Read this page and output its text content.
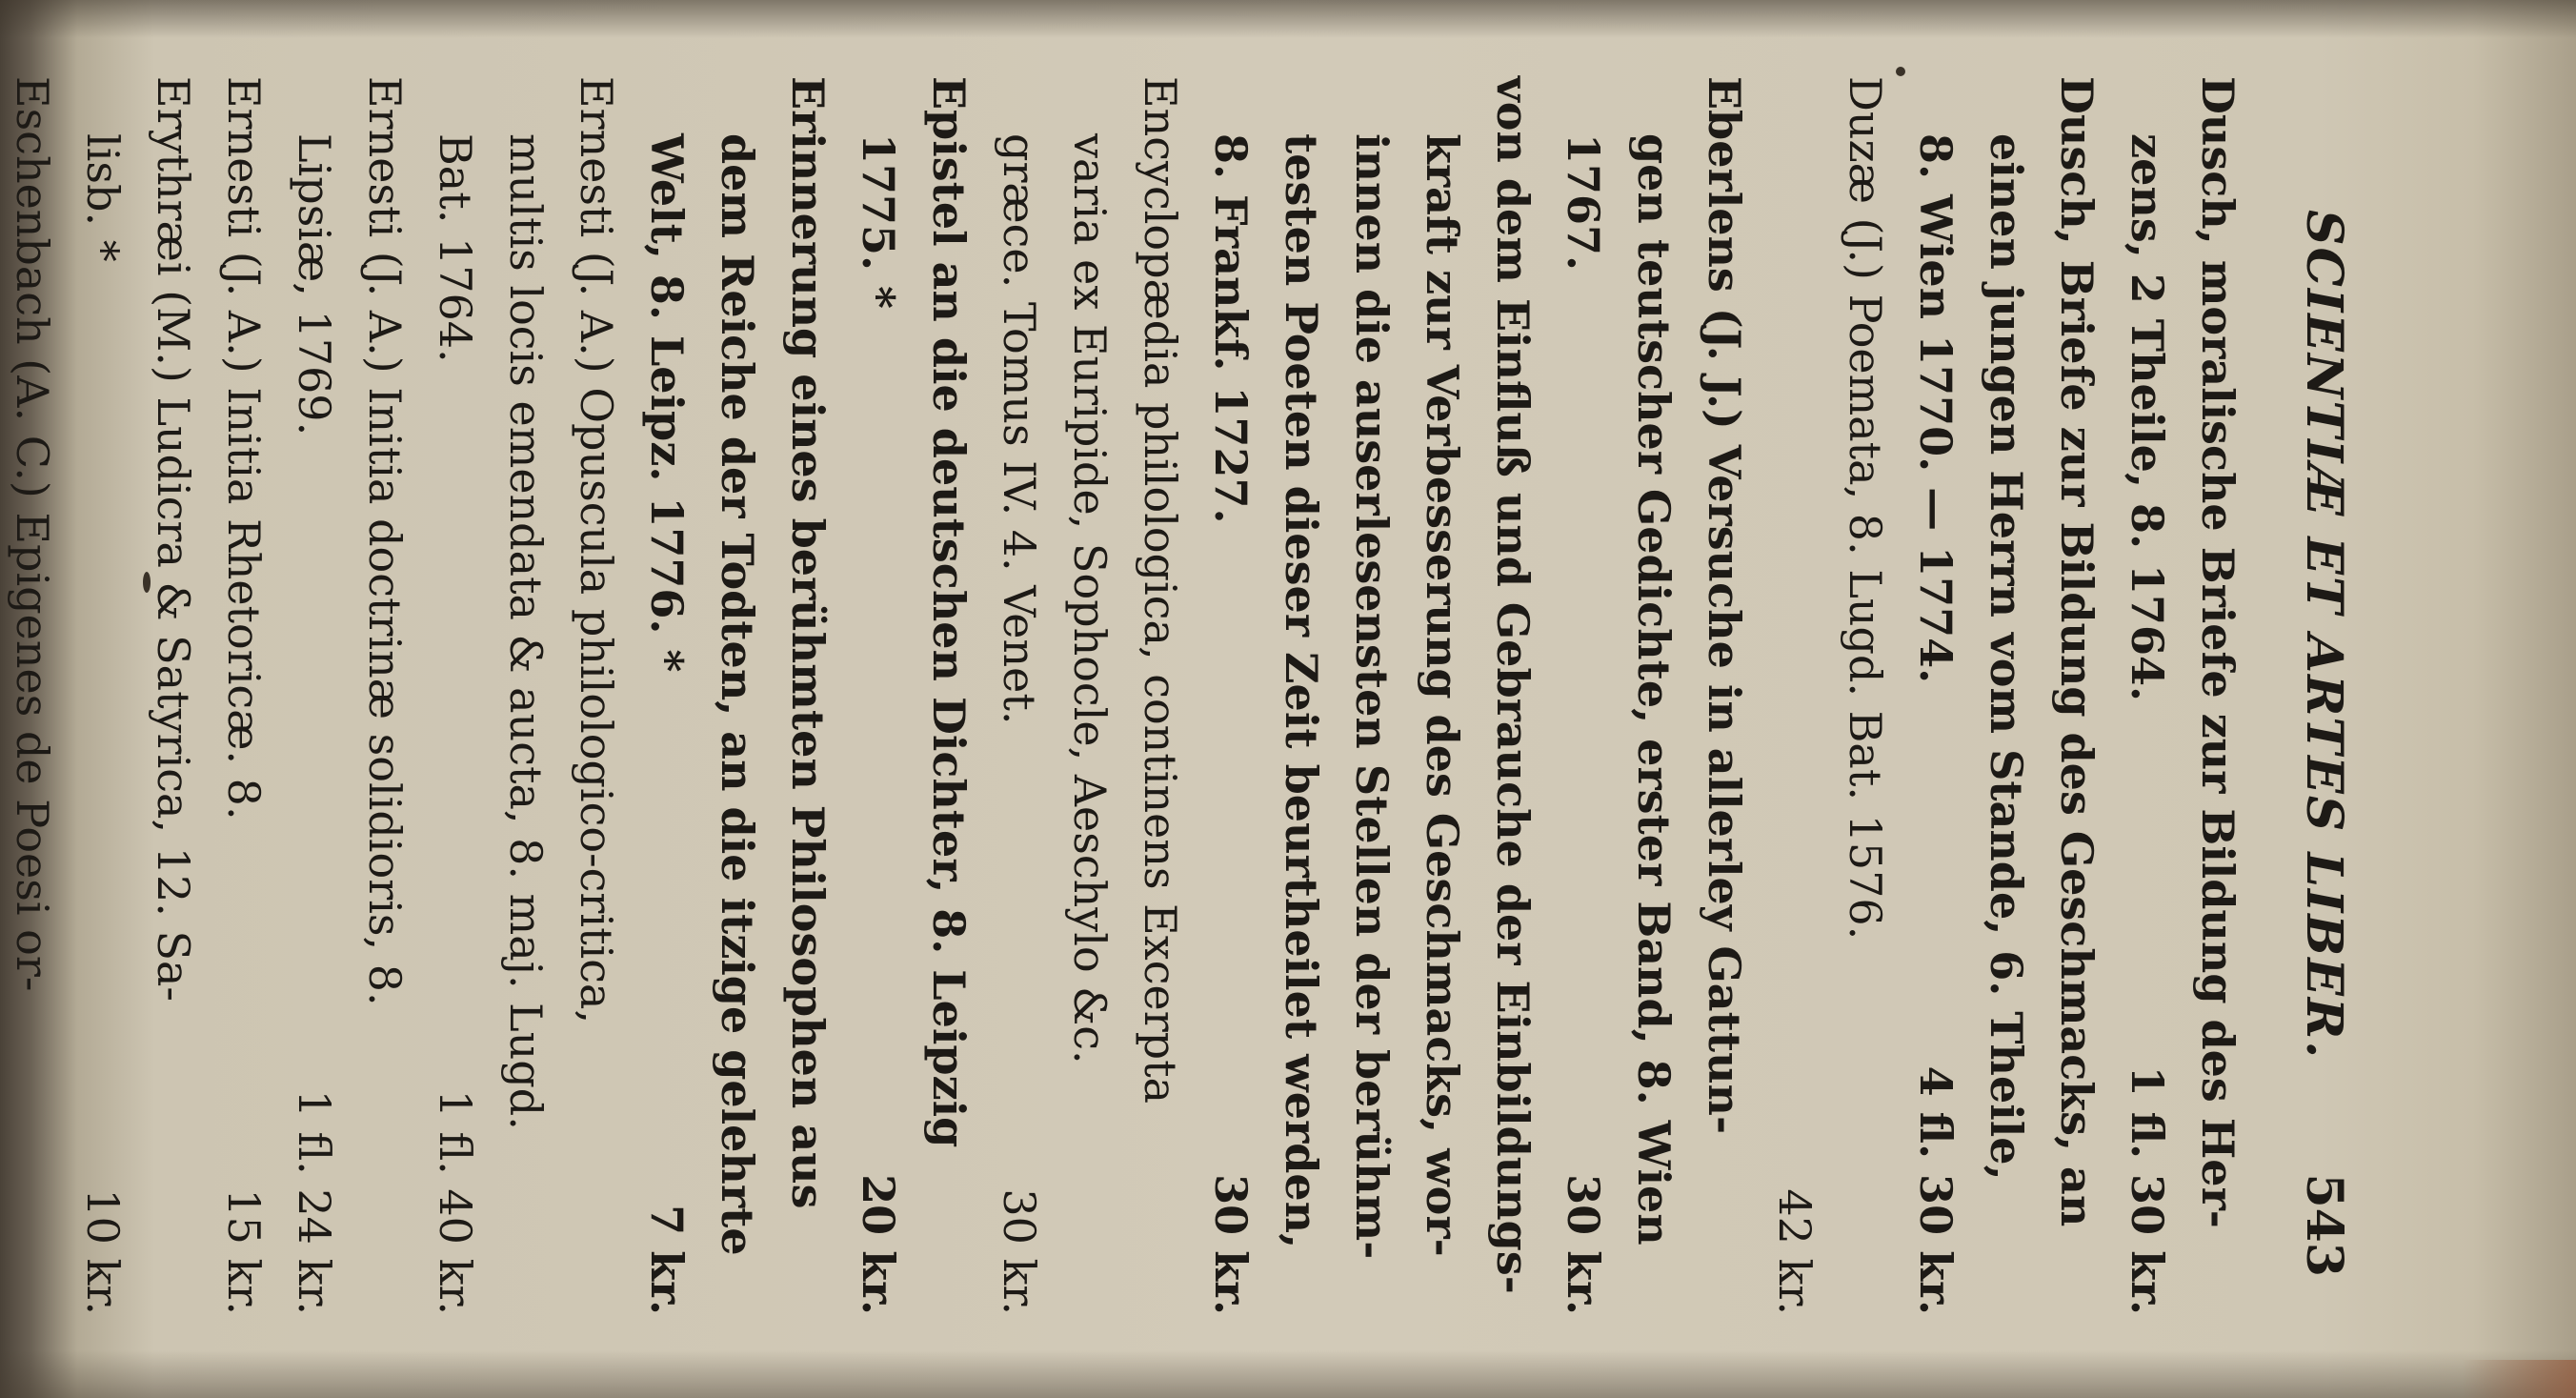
SCIENTIÆ ET ARTES LIBER.
543
Dusch, moralische Briefe zur Bildung des Her-
zens, 2 Theile, 8. 1764.
1 fl. 30 kr.
Dusch, Briefe zur Bildung des Geschmacks, an
einen jungen Herrn vom Stande, 6. Theile,
8. Wien 1770. — 1774.
4 fl. 30 kr.
Duzæ (J.) Poemata, 8. Lugd. Bat. 1576.
42 kr.
Eberlens (J. J.) Versuche in allerley Gattun-
gen teutscher Gedichte, erster Band, 8. Wien
1767.
30 kr.
von dem Einfluß und Gebrauche der Einbildungs-
kraft zur Verbesserung des Geschmacks, wor-
innen die auserlesensten Stellen der berühm-
testen Poeten dieser Zeit beurtheilet werden,
8. Frankf. 1727.
30 kr.
Encyclopædia philologica, continens Excerpta
varia ex Euripide, Sophocle, Aeschylo &c.
græce. Tomus IV. 4. Venet.
30 kr.
Epistel an die deutschen Dichter, 8. Leipzig
1775. *
20 kr.
Erinnerung eines berühmten Philosophen aus
dem Reiche der Todten, an die itzige gelehrte
Welt, 8. Leipz. 1776. *
7 kr.
Ernesti (J. A.) Opuscula philologico-critica,
multis locis emendata & aucta, 8. maj. Lugd.
Bat. 1764.
1 fl. 40 kr.
Ernesti (J. A.) Initia doctrinæ solidioris, 8.
Lipsiæ, 1769.
1 fl. 24 kr.
Ernesti (J. A.) Initia Rhetoricæ. 8.
15 kr.
Erythræi (M.) Ludicra & Satyrica, 12. Sa-
lisb. *
10 kr.
Eschenbach (A. C.) Epigenes de Poesi or-
